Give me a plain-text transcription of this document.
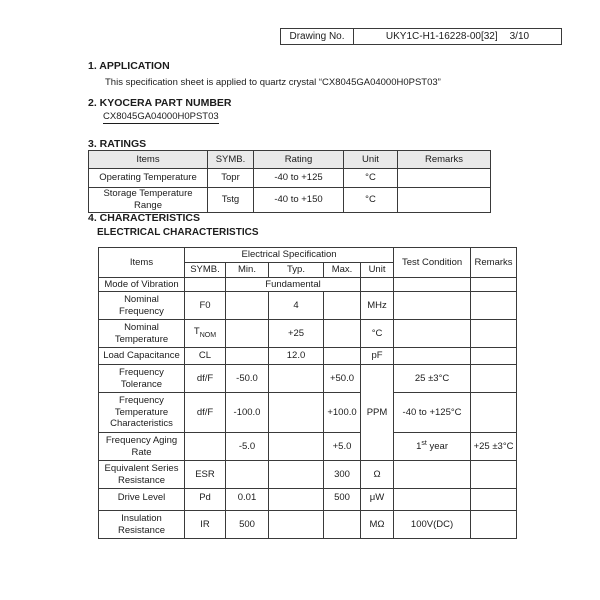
Drawing No.	UKY1C-H1-16228-00[32] 3/10
1. APPLICATION
This specification sheet is applied to quartz crystal “CX8045GA04000H0PST03”
2. KYOCERA PART NUMBER
CX8045GA04000H0PST03
3. RATINGS
Items	SYMB.	Rating	Unit	Remarks
Operating Temperature	Topr	-40 to +125	°C	
Storage Temperature Range	Tstg	-40 to +150	°C	
4. CHARACTERISTICS
ELECTRICAL CHARACTERISTICS
Items	Electrical Specification					Test Condition	Remarks
	SYMB.	Min.	Typ.	Max.	Unit		
Mode of Vibration		Fundamental					
Nominal Frequency	F0		4		MHz		
Nominal Temperature	$T_{NOM}$		+25		°C		
Load Capacitance	CL		12.0		pF		
Frequency Tolerance	df/F	-50.0		+50.0	PPM	25 ±3°C	
Frequency Temperature Characteristics	df/F	-100.0		+100.0		-40 to +125°C	
Frequency Aging Rate		-5.0		+5.0		1st year	+25 ±3°C
Equivalent Series Resistance	ESR			300	Ω		
Drive Level	Pd	0.01		500	μW		
Insulation Resistance	IR	500			MΩ	100V(DC)	
